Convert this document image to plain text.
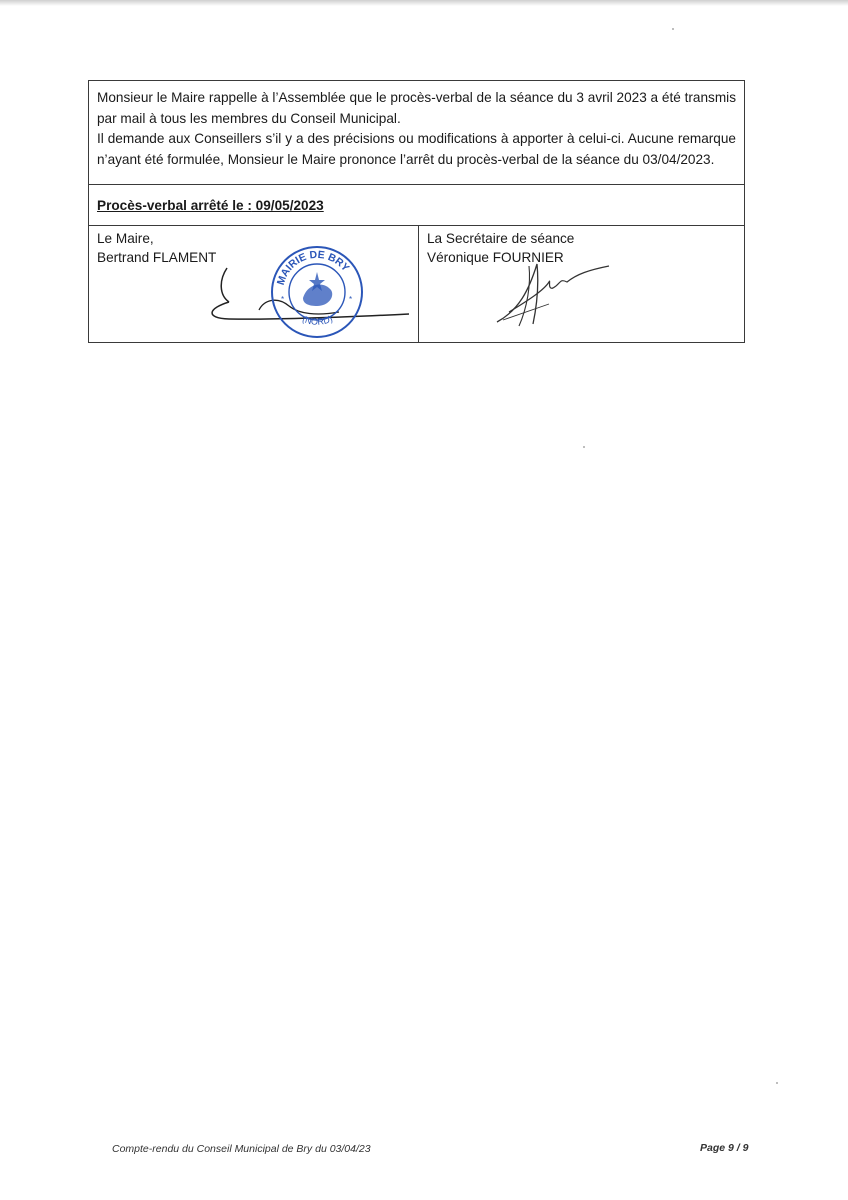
Monsieur le Maire rappelle à l’Assemblée que le procès-verbal de la séance du 3 avril 2023 a été transmis par mail à tous les membres du Conseil Municipal.

Il demande aux Conseillers s’il y a des précisions ou modifications à apporter à celui-ci. Aucune remarque n’ayant été formulée, Monsieur le Maire prononce l’arrêt du procès-verbal de la séance du 03/04/2023.

Procès-verbal arrêté le : 09/05/2023
Le Maire,
Bertrand FLAMENT
MAIRIE DE BRY
(NORD)
*	*
La Secrétaire de séance
Véronique FOURNIER
Compte-rendu du Conseil Municipal de Bry du 03/04/23	Page 9 / 9
